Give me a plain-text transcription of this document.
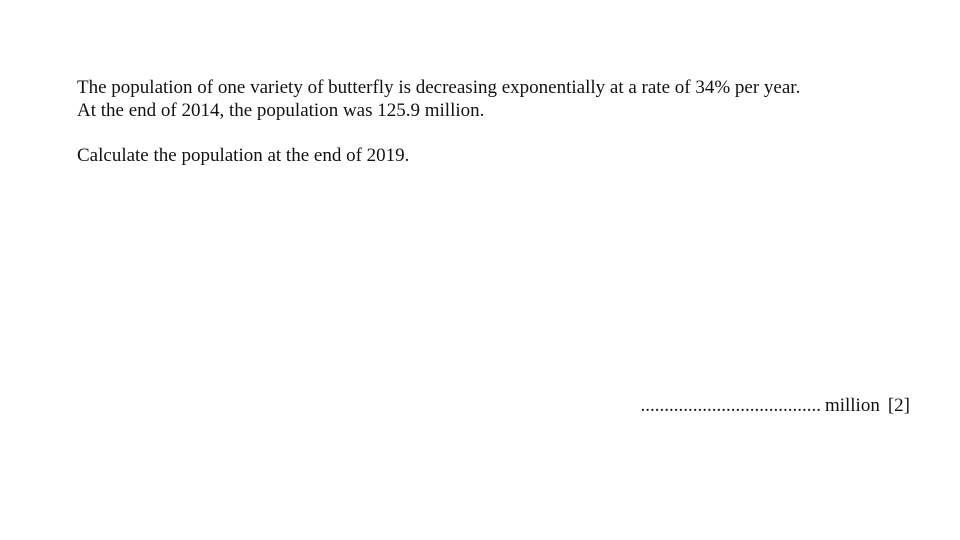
The population of one variety of butterfly is decreasing exponentially at a rate of 34% per year.
At the end of 2014, the population was 125.9 million.
Calculate the population at the end of 2019.
...................................... million [2]
